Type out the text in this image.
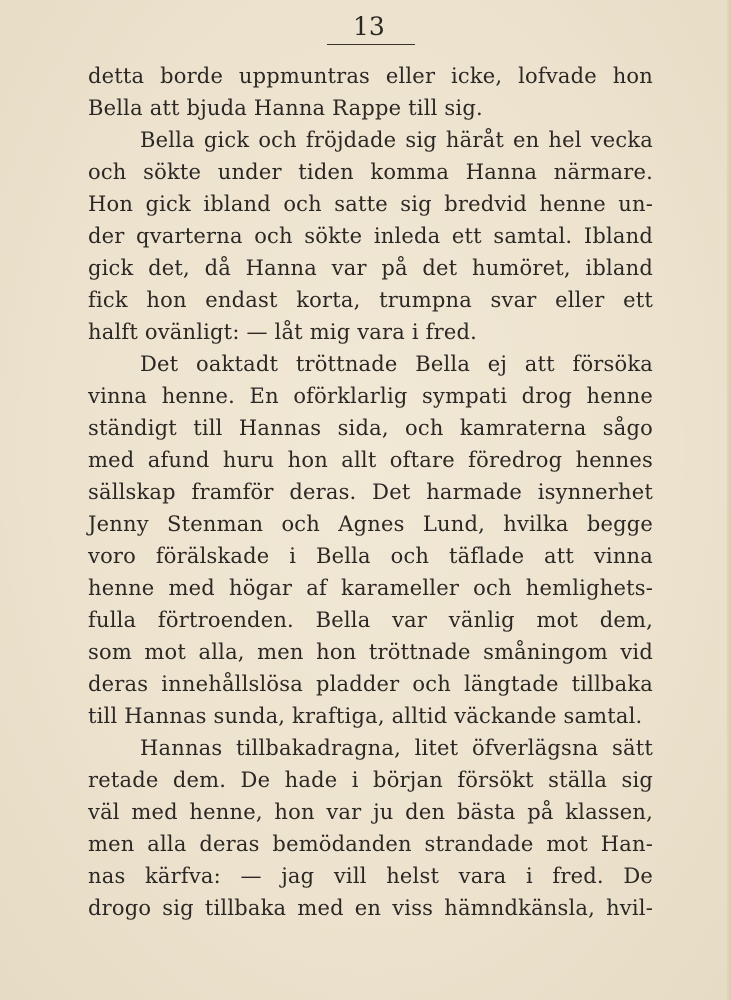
13
detta borde uppmuntras eller icke, lofvade hon
Bella att bjuda Hanna Rappe till sig.
Bella gick och fröjdade sig häråt en hel vecka
och sökte under tiden komma Hanna närmare.
Hon gick ibland och satte sig bredvid henne un-
der qvarterna och sökte inleda ett samtal. Ibland
gick det, då Hanna var på det humöret, ibland
fick hon endast korta, trumpna svar eller ett
halft ovänligt: — låt mig vara i fred.
Det oaktadt tröttnade Bella ej att försöka
vinna henne. En oförklarlig sympati drog henne
ständigt till Hannas sida, och kamraterna sågo
med afund huru hon allt oftare föredrog hennes
sällskap framför deras. Det harmade isynnerhet
Jenny Stenman och Agnes Lund, hvilka begge
voro förälskade i Bella och täflade att vinna
henne med högar af karameller och hemlighets-
fulla förtroenden. Bella var vänlig mot dem,
som mot alla, men hon tröttnade småningom vid
deras innehållslösa pladder och längtade tillbaka
till Hannas sunda, kraftiga, alltid väckande samtal.
Hannas tillbakadragna, litet öfverlägsna sätt
retade dem. De hade i början försökt ställa sig
väl med henne, hon var ju den bästa på klassen,
men alla deras bemödanden strandade mot Han-
nas kärfva: — jag vill helst vara i fred. De
drogo sig tillbaka med en viss hämndkänsla, hvil-
